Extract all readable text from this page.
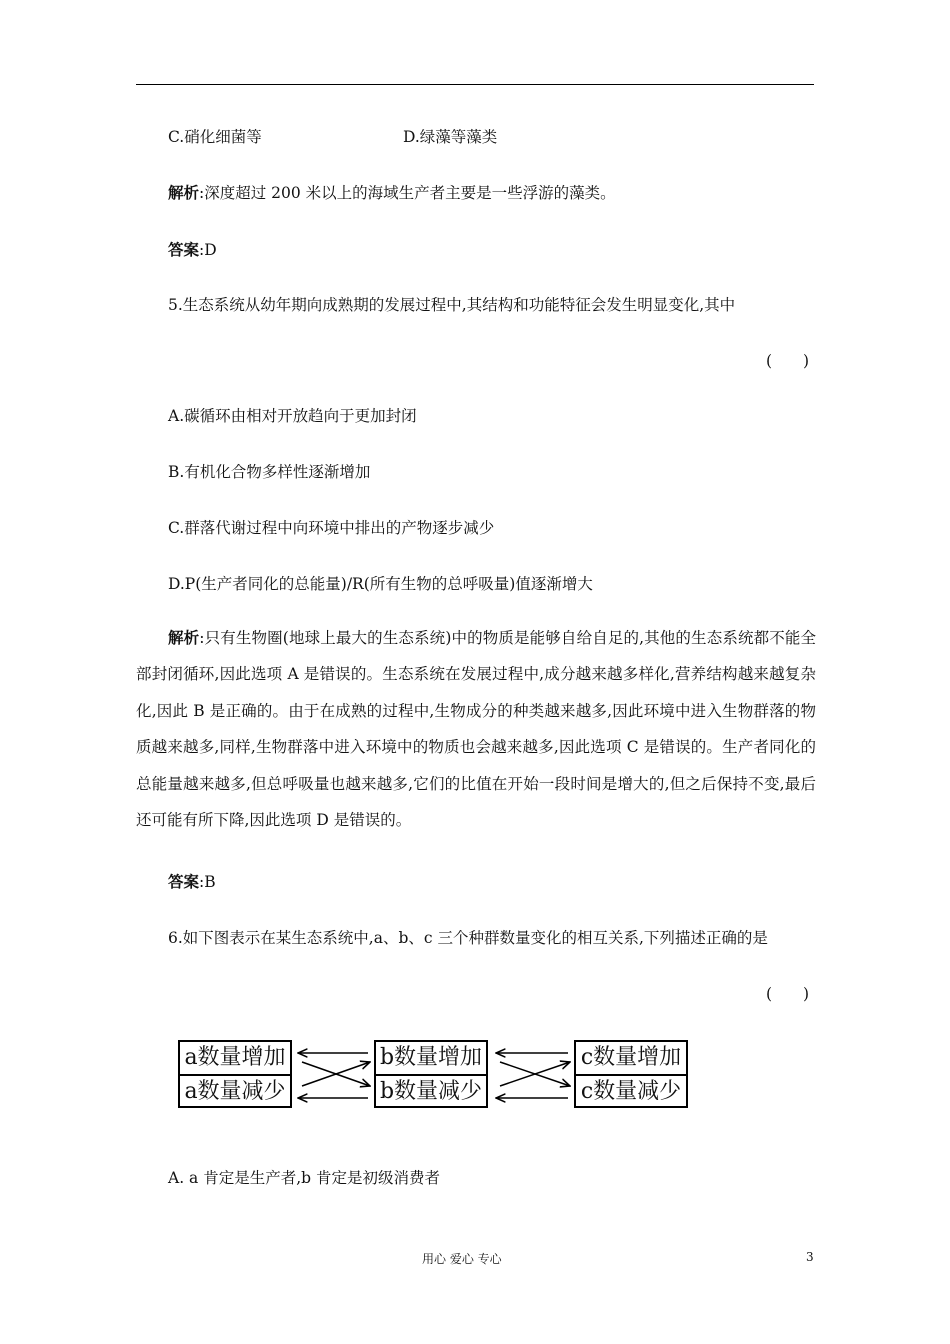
C.硝化细菌等	D.绿藻等藻类
解析:深度超过 200 米以上的海域生产者主要是一些浮游的藻类。
答案:D
5.生态系统从幼年期向成熟期的发展过程中,其结构和功能特征会发生明显变化,其中
(　　)
A.碳循环由相对开放趋向于更加封闭
B.有机化合物多样性逐渐增加
C.群落代谢过程中向环境中排出的产物逐步减少
D.P(生产者同化的总能量)/R(所有生物的总呼吸量)值逐渐增大
解析:只有生物圈(地球上最大的生态系统)中的物质是能够自给自足的,其他的生态系统都不能全部封闭循环,因此选项 A 是错误的。生态系统在发展过程中,成分越来越多样化,营养结构越来越复杂化,因此 B 是正确的。由于在成熟的过程中,生物成分的种类越来越多,因此环境中进入生物群落的物质越来越多,同样,生物群落中进入环境中的物质也会越来越多,因此选项 C 是错误的。生产者同化的总能量越来越多,但总呼吸量也越来越多,它们的比值在开始一段时间是增大的,但之后保持不变,最后还可能有所下降,因此选项 D 是错误的。
答案:B
6.如下图表示在某生态系统中,a、b、c 三个种群数量变化的相互关系,下列描述正确的是
(　　)
a数量增加
a数量减少
b数量增加
b数量减少
c数量增加
c数量减少
A. a 肯定是生产者,b 肯定是初级消费者
用心 爱心 专心	3
